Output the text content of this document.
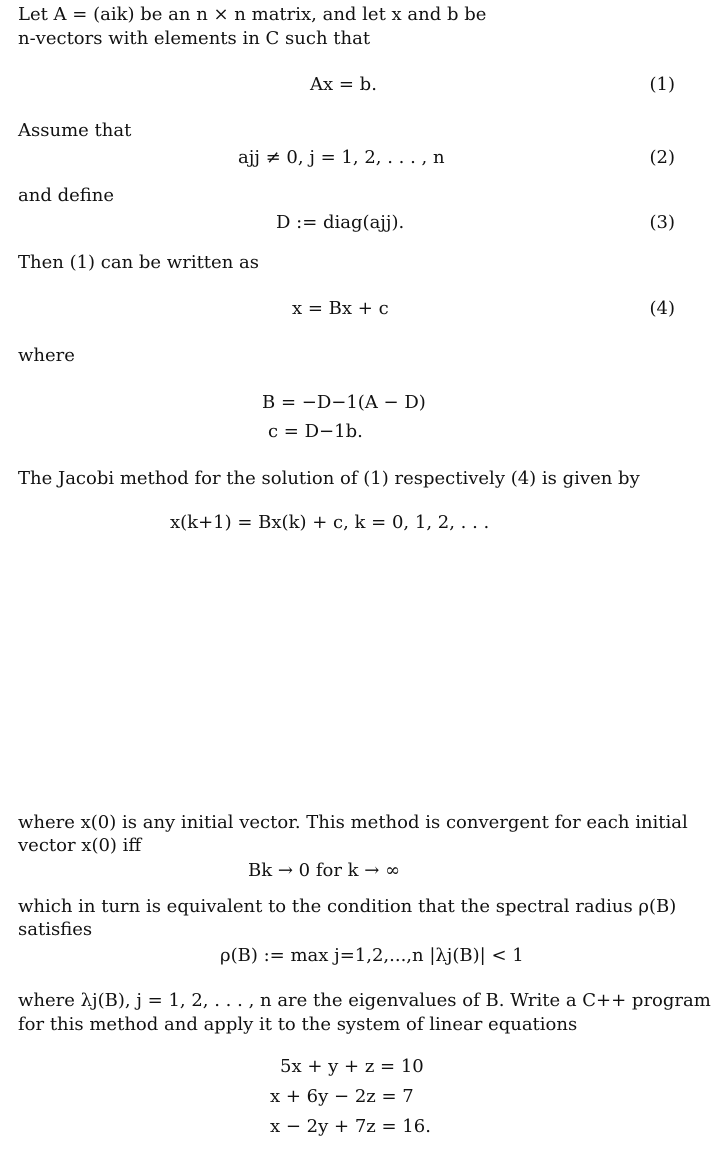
Let A = (aik) be an n × n matrix, and let x and b be
n-vectors with elements in C such that
Ax = b.	(1)
Assume that
ajj ≠ 0, j = 1, 2, . . . , n	(2)
and define
D := diag(ajj).	(3)
Then (1) can be written as
x = Bx + c	(4)
where
B = −D−1(A − D)
c = D−1b.
The Jacobi method for the solution of (1) respectively (4) is given by
x(k+1) = Bx(k) + c, k = 0, 1, 2, . . .
where x(0) is any initial vector. This method is convergent for each initial
vector x(0) iff
Bk → 0 for k → ∞
which in turn is equivalent to the condition that the spectral radius ρ(B)
satisfies
ρ(B) := max j=1,2,...,n |λj(B)| < 1
where λj(B), j = 1, 2, . . . , n are the eigenvalues of B. Write a C++ program
for this method and apply it to the system of linear equations
5x + y + z = 10
x + 6y − 2z = 7
x − 2y + 7z = 16.
